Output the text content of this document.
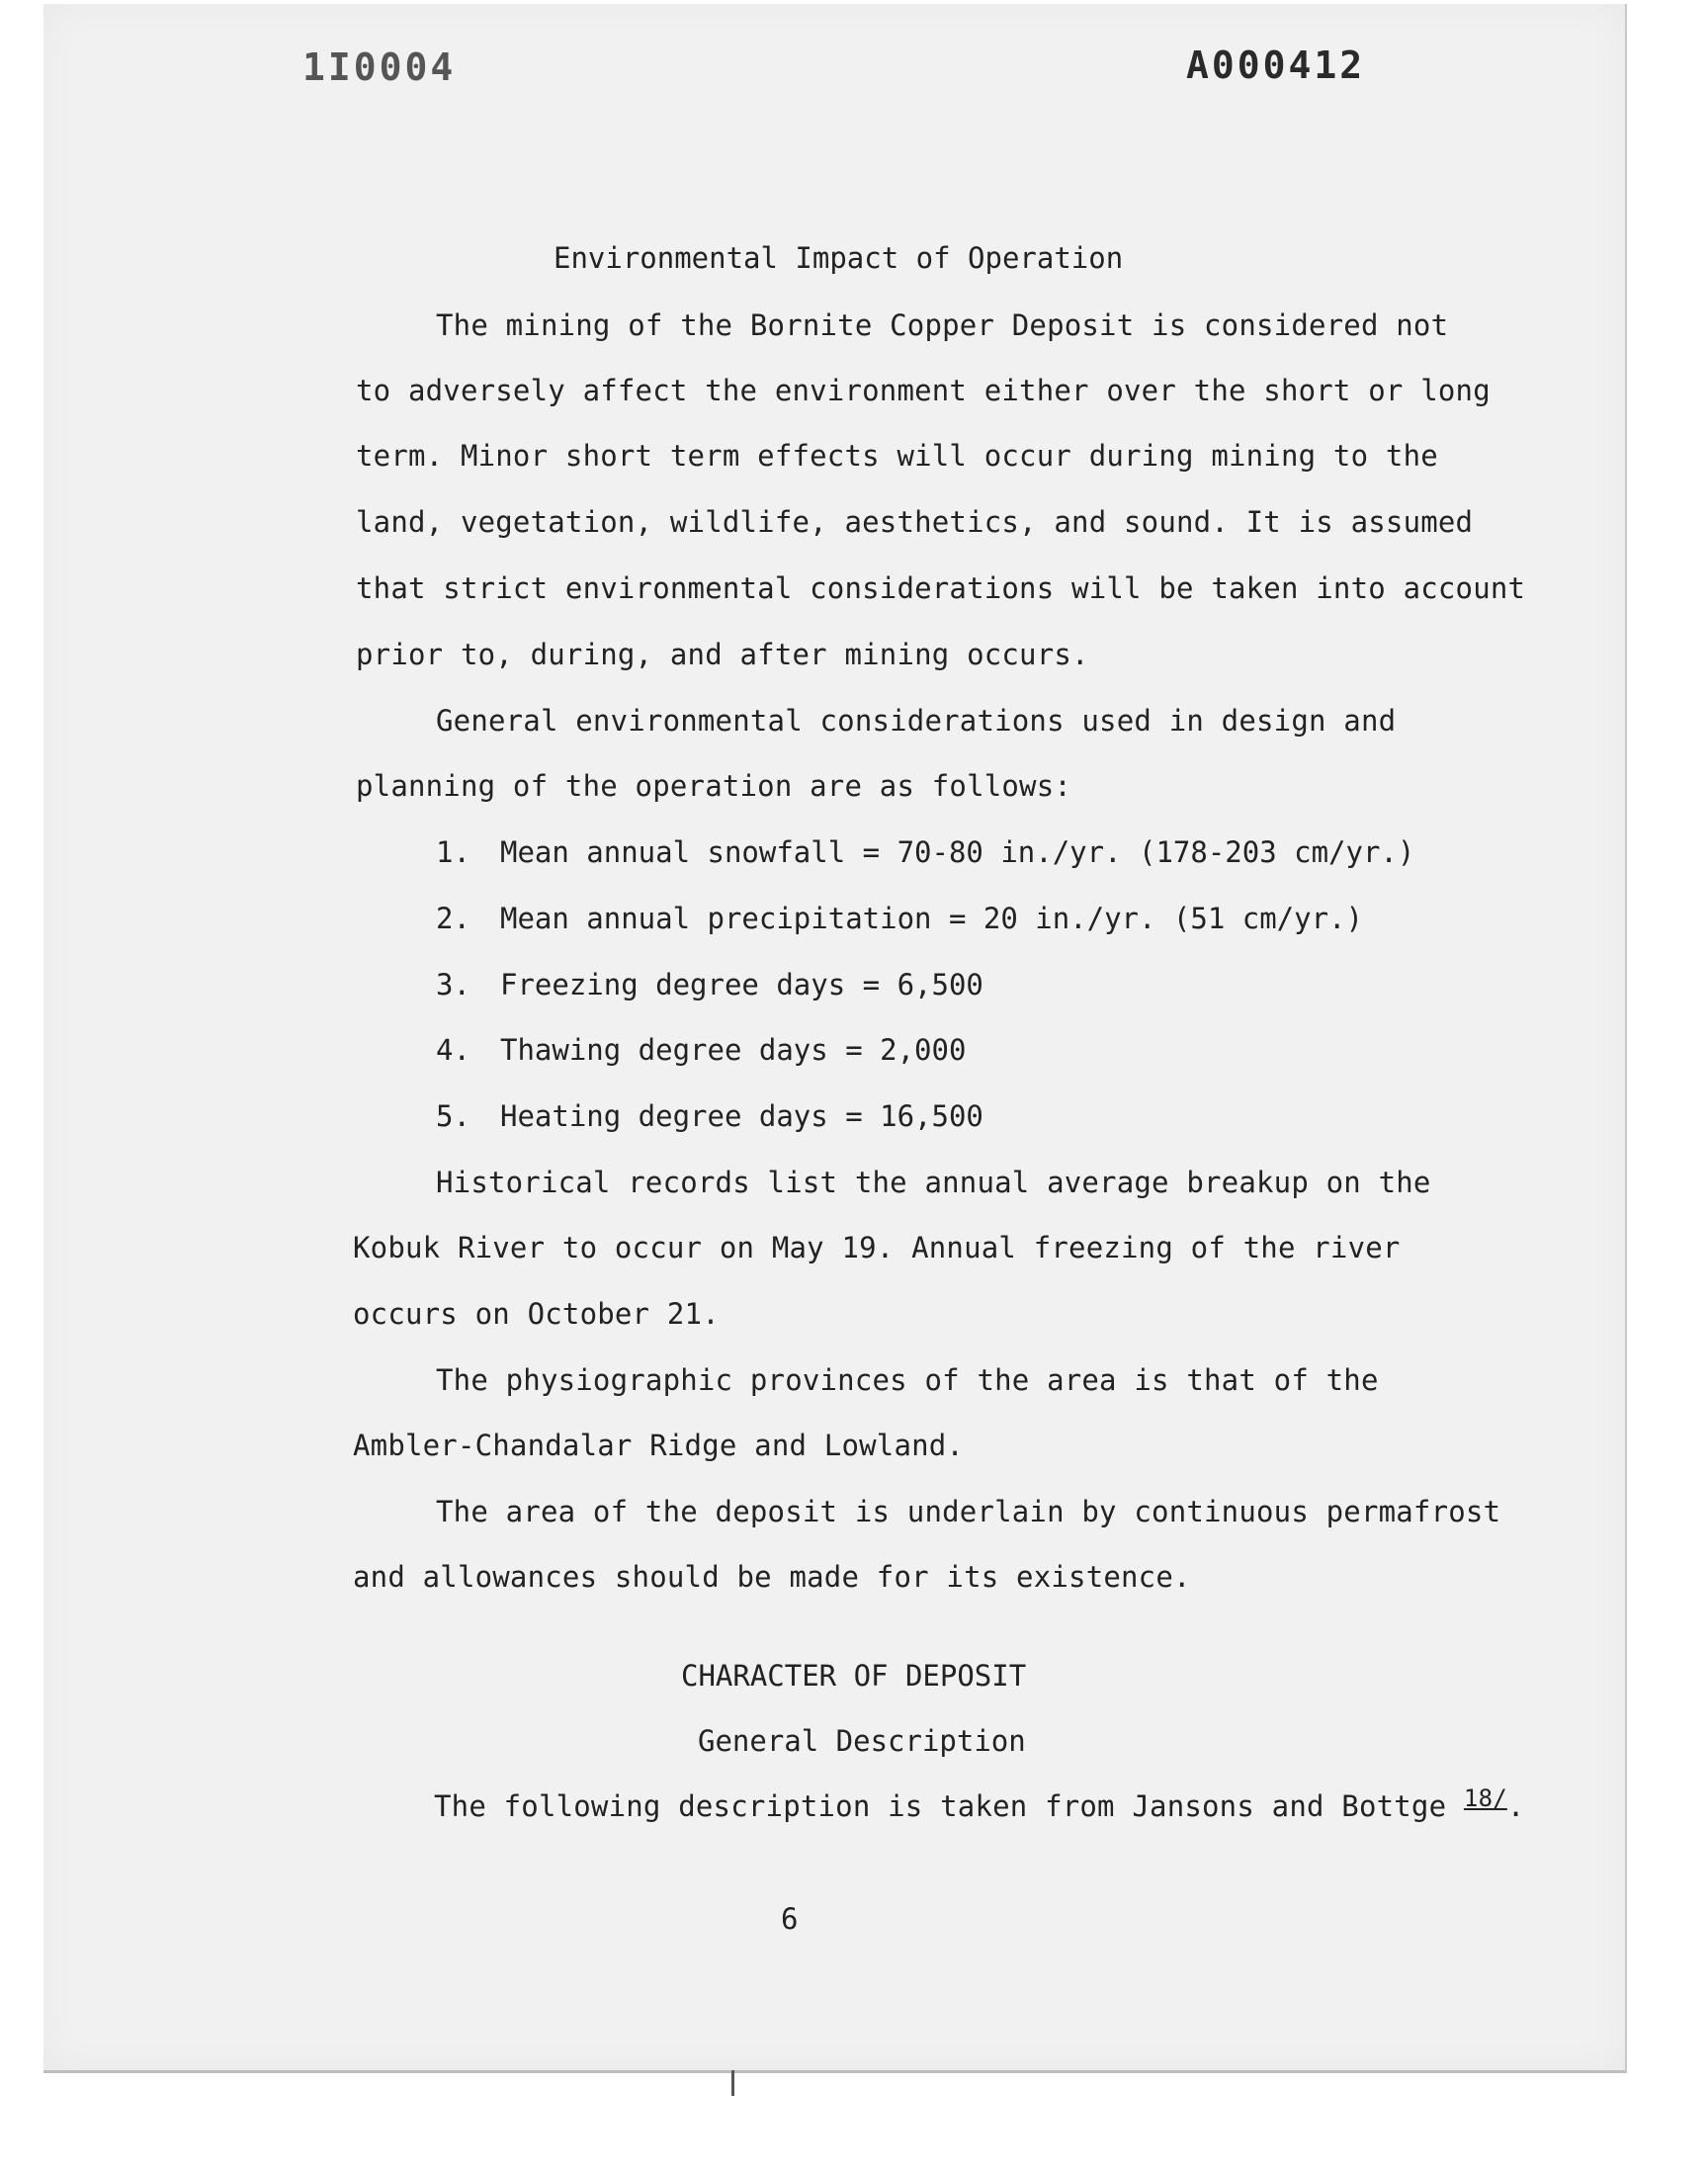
1I0004	A000412
Environmental Impact of Operation
The mining of the Bornite Copper Deposit is considered not
to adversely affect the environment either over the short or long
term. Minor short term effects will occur during mining to the
land, vegetation, wildlife, aesthetics, and sound. It is assumed
that strict environmental considerations will be taken into account
prior to, during, and after mining occurs.
General environmental considerations used in design and
planning of the operation are as follows:
1. Mean annual snowfall = 70-80 in./yr. (178-203 cm/yr.)
2. Mean annual precipitation = 20 in./yr. (51 cm/yr.)
3. Freezing degree days = 6,500
4. Thawing degree days = 2,000
5. Heating degree days = 16,500
Historical records list the annual average breakup on the
Kobuk River to occur on May 19. Annual freezing of the river
occurs on October 21.
The physiographic provinces of the area is that of the
Ambler-Chandalar Ridge and Lowland.
The area of the deposit is underlain by continuous permafrost
and allowances should be made for its existence.
CHARACTER OF DEPOSIT
General Description
The following description is taken from Jansons and Bottge $^{18/}$.
6
